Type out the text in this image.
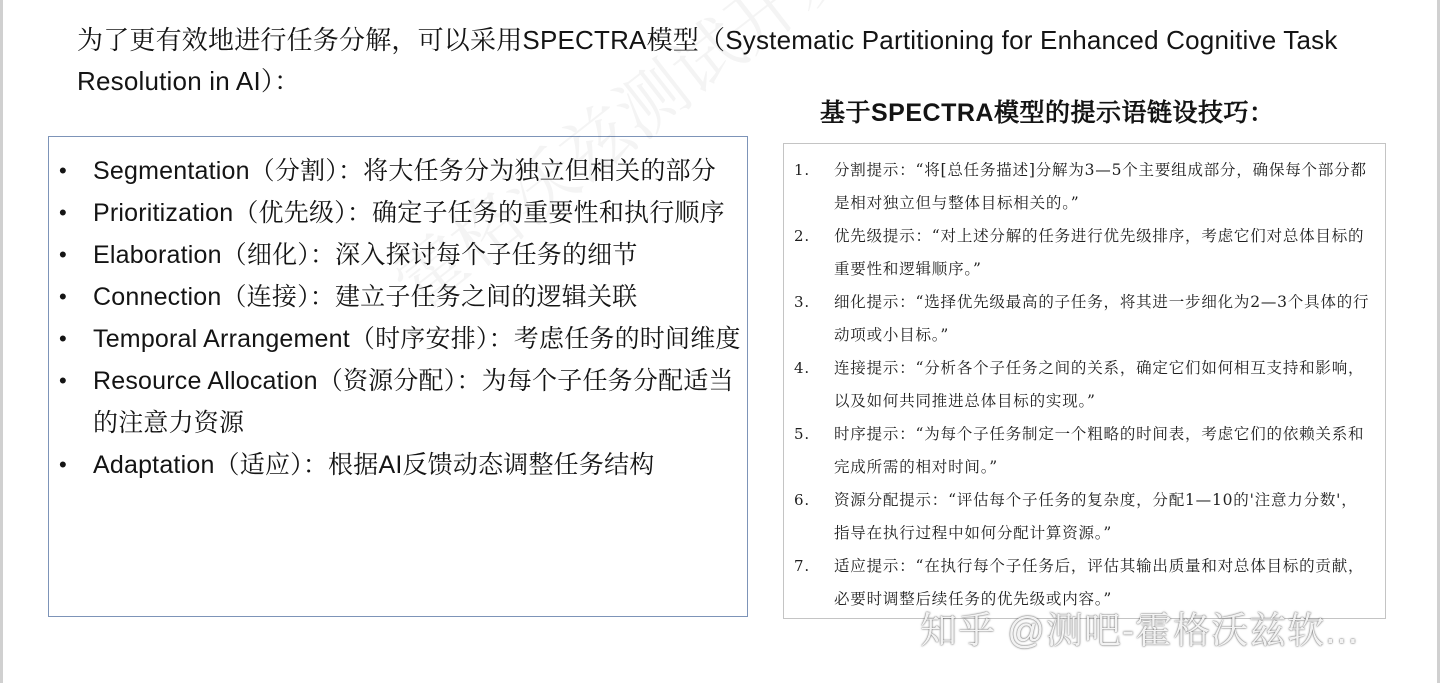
为了更有效地进行任务分解，可以采用SPECTRA模型（Systematic Partitioning for Enhanced Cognitive Task Resolution in AI）：
• Segmentation（分割）：将大任务分为独立但相关的部分
• Prioritization（优先级）：确定子任务的重要性和执行顺序
• Elaboration（细化）：深入探讨每个子任务的细节
• Connection（连接）：建立子任务之间的逻辑关联
• Temporal Arrangement（时序安排）：考虑任务的时间维度
• Resource Allocation（资源分配）：为每个子任务分配适当的注意力资源
• Adaptation（适应）：根据AI反馈动态调整任务结构
基于SPECTRA模型的提示语链设技巧：
1. 分割提示：“将[总任务描述]分解为3—5个主要组成部分，确保每个部分都是相对独立但与整体目标相关的。”
2. 优先级提示：“对上述分解的任务进行优先级排序，考虑它们对总体目标的重要性和逻辑顺序。”
3. 细化提示：“选择优先级最高的子任务，将其进一步细化为2—3个具体的行动项或小目标。”
4. 连接提示：“分析各个子任务之间的关系，确定它们如何相互支持和影响，以及如何共同推进总体目标的实现。”
5. 时序提示：“为每个子任务制定一个粗略的时间表，考虑它们的依赖关系和完成所需的相对时间。”
6. 资源分配提示：“评估每个子任务的复杂度，分配1—10的'注意力分数'，指导在执行过程中如何分配计算资源。”
7. 适应提示：“在执行每个子任务后，评估其输出质量和对总体目标的贡献，必要时调整后续任务的优先级或内容。”
知乎 @测吧-霍格沃兹软...
